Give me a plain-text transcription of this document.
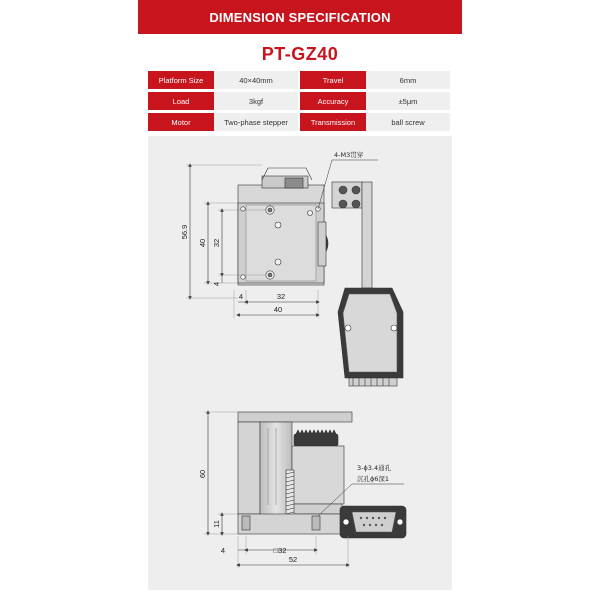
DIMENSION SPECIFICATION
PT-GZ40
Platform Size	40×40mm	Travel	6mm
Load	3kgf	Accuracy	±5μm
Motor	Two-phase stepper	Transmission	ball screw
56.9
40 32
4
4	32
40
4-M3贯穿
60
11
4	□32
52
3-ϕ3.4通孔
沉孔ϕ6深1
